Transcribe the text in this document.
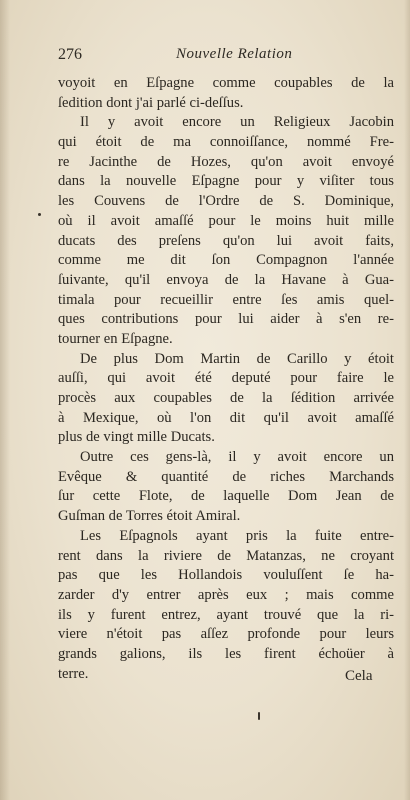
276	Nouvelle Relation
voyoit en Eſpagne comme coupables de la
ſedition dont j'ai parlé ci-deſſus.
Il y avoit encore un Religieux Jacobin
qui étoit de ma connoiſſance, nommé Fre-
re Jacinthe de Hozes, qu'on avoit envoyé
dans la nouvelle Eſpagne pour y viſiter tous
les Couvens de l'Ordre de S. Dominique,
où il avoit amaſſé pour le moins huit mille
ducats des preſens qu'on lui avoit faits,
comme me dit ſon Compagnon l'année
ſuivante, qu'il envoya de la Havane à Gua-
timala pour recueillir entre ſes amis quel-
ques contributions pour lui aider à s'en re-
tourner en Eſpagne.
De plus Dom Martin de Carillo y étoit
auſſi, qui avoit été deputé pour faire le
procès aux coupables de la ſédition arrivée
à Mexique, où l'on dit qu'il avoit amaſſé
plus de vingt mille Ducats.
Outre ces gens-là, il y avoit encore un
Evêque & quantité de riches Marchands
ſur cette Flote, de laquelle Dom Jean de
Guſman de Torres étoit Amiral.
Les Eſpagnols ayant pris la fuite entre-
rent dans la riviere de Matanzas, ne croyant
pas que les Hollandois vouluſſent ſe ha-
zarder d'y entrer après eux ; mais comme
ils y furent entrez, ayant trouvé que la ri-
viere n'étoit pas aſſez profonde pour leurs
grands galions, ils les firent échoüer à
terre.	Cela
